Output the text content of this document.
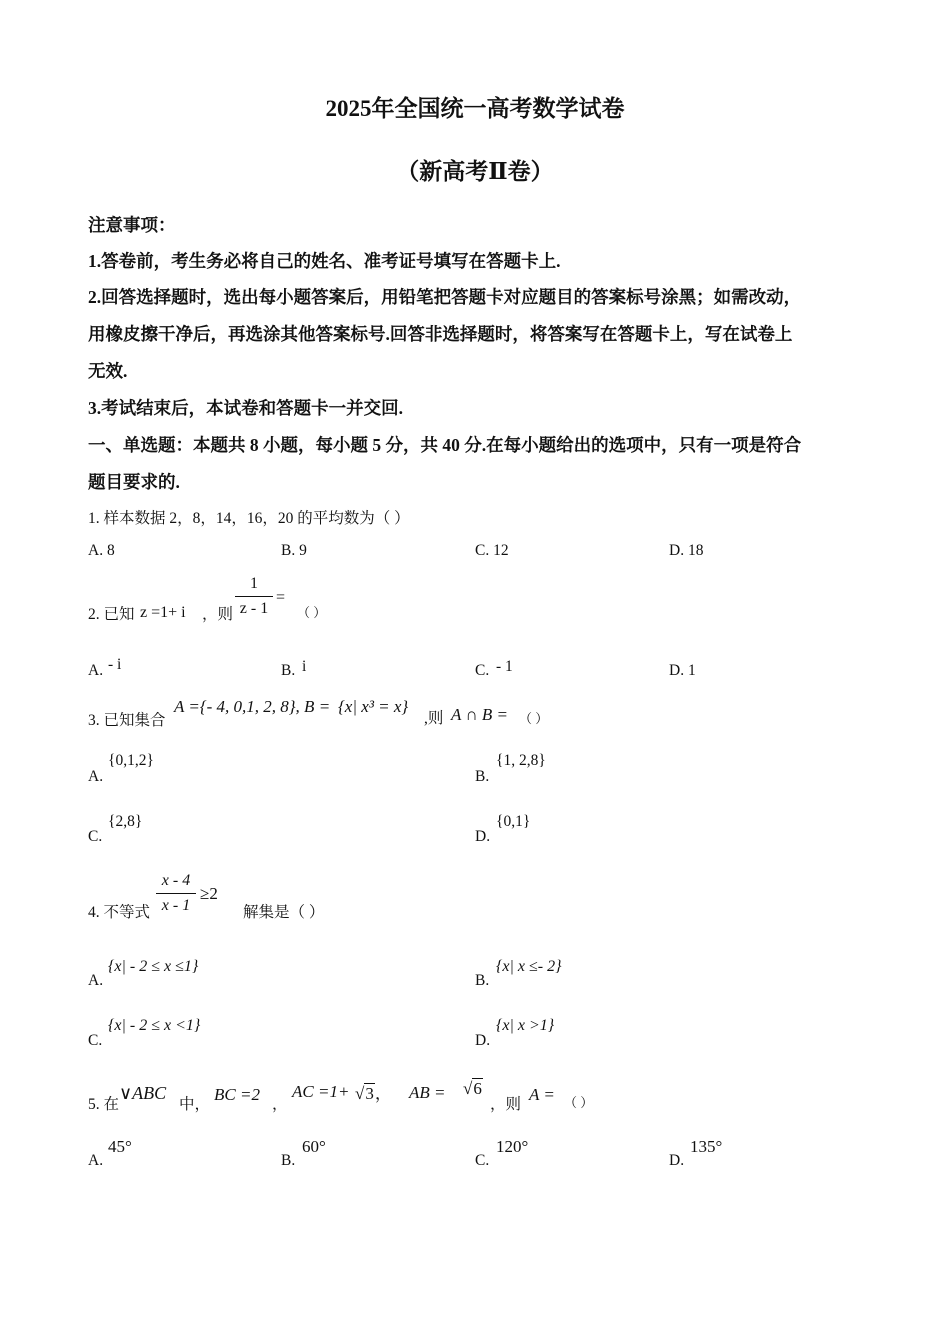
2025年全国统一高考数学试卷
（新高考Ⅱ卷）
注意事项：
1.答卷前，考生务必将自己的姓名、准考证号填写在答题卡上.
2.回答选择题时，选出每小题答案后，用铅笔把答题卡对应题目的答案标号涂黑；如需改动，
用橡皮擦干净后，再选涂其他答案标号.回答非选择题时，将答案写在答题卡上，写在试卷上
无效.
3.考试结束后，本试卷和答题卡一并交回.
一、单选题：本题共 8 小题，每小题 5 分，共 40 分.在每小题给出的选项中，只有一项是符合
题目要求的.
1. 样本数据 2，8，14，16，20 的平均数为（ ）
A. 8	B. 9	C. 12	D. 18
2. 已知 z =1+ i ，则
1
z - 1
=
（ ）
A. - i	B. i	C. - 1	D. 1
3. 已知集合
A ={- 4, 0,1, 2, 8}, B = {x| x³ = x}
,则 A ∩ B = （ ）
A.
{0,1,2}
B.
{1, 2,8}
C.
{2,8}
D.
{0,1}
4. 不等式
x - 4
x - 1
≥2
解集是（ ）
A.
{x| - 2 ≤ x ≤1}
B.
{x| x ≤- 2}
C.
{x| - 2 ≤ x <1}
D.
{x| x >1}
5. 在
∨ABC
中，
BC =2
，
AC =1+ √3， AB = √6
，则
A = （ ）
A.
45°
B.
60°
C.
120°
D.
135°
